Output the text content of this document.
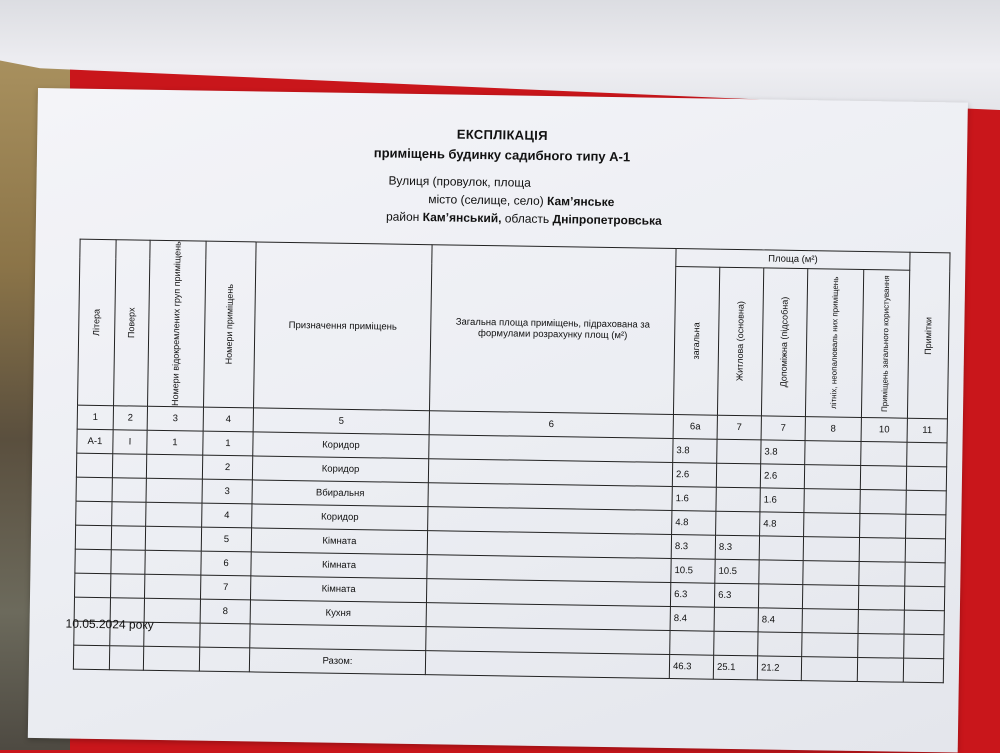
ЕКСПЛІКАЦІЯ
приміщень будинку садибного типу А-1
Вулиця (провулок, площа
місто (селище, село) Кам’янське
район Кам’янський, область Дніпропетровська
Літера	Поверх	Номери відокремлених груп приміщень	Номери приміщень	Призначення приміщень	Загальна площа приміщень, підрахована за формулами розрахунку площ (м²)	Площа (м²)					Примітки

						загальна	Житлова (основна)	Допоміжна (підсобна)	літніх, неопалюваль них приміщень	Приміщень загального користування	

1	2	3	4	5	6	6а	7	7	8	10	11
А-1	І	1	1	Коридор		3.8		3.8			
			2	Коридор		2.6		2.6			
			3	Вбиральня		1.6		1.6			
			4	Коридор		4.8		4.8			
			5	Кімната		8.3	8.3				
			6	Кімната		10.5	10.5				
			7	Кімната		6.3	6.3				
			8	Кухня		8.4		8.4			

				Разом:		46.3	25.1	21.2			
10.05.2024 року
